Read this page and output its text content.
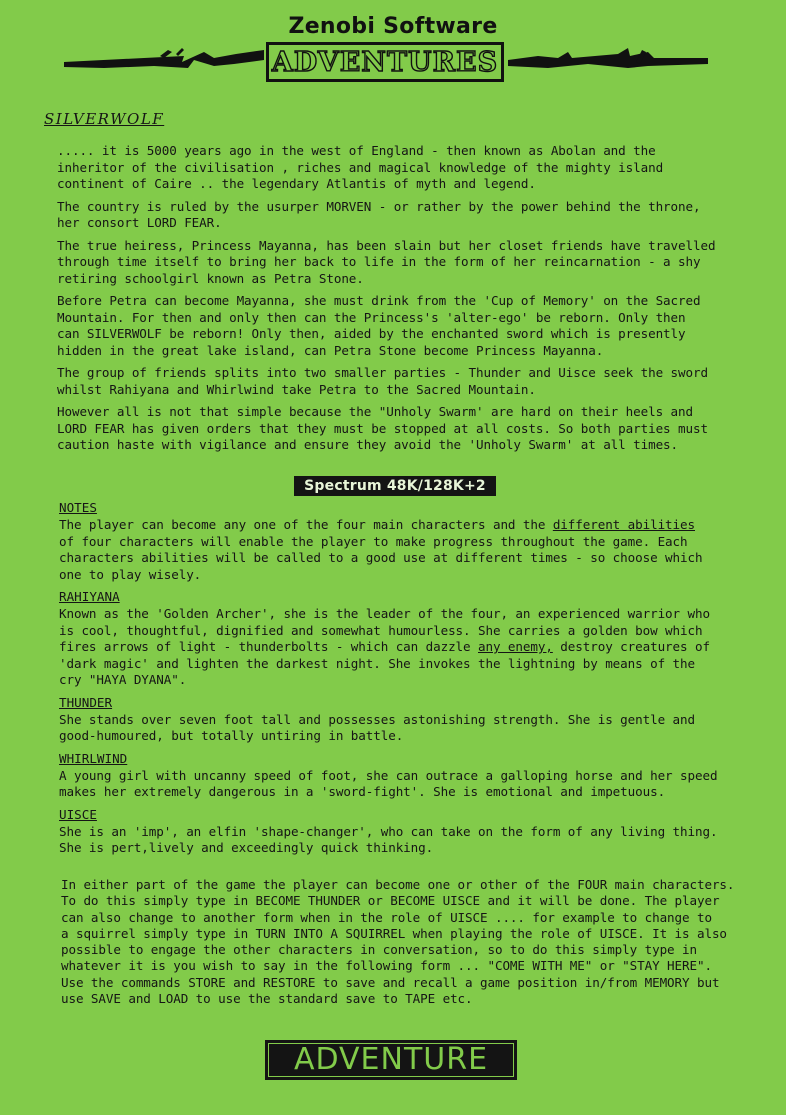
Zenobi Software
ADVENTURES
SILVERWOLF

..... it is 5000 years ago in the west of England - then known as Abolan and the
inheritor of the civilisation , riches and magical knowledge of the mighty island
continent of Caire .. the legendary Atlantis of myth and legend.

The country is ruled by the usurper MORVEN - or rather by the power behind the throne,
her consort LORD FEAR.

The true heiress, Princess Mayanna, has been slain but her closet friends have travelled
through time itself to bring her back to life in the form of her reincarnation - a shy
retiring schoolgirl known as Petra Stone.

Before Petra can become Mayanna, she must drink from the 'Cup of Memory' on the Sacred
Mountain. For then and only then can the Princess's 'alter-ego' be reborn. Only then
can SILVERWOLF be reborn! Only then, aided by the enchanted sword which is presently
hidden in the great lake island, can Petra Stone become Princess Mayanna.

The group of friends splits into two smaller parties - Thunder and Uisce seek the sword
whilst Rahiyana and Whirlwind take Petra to the Sacred Mountain.

However all is not that simple because the "Unholy Swarm' are hard on their heels and
LORD FEAR has given orders that they must be stopped at all costs. So both parties must
caution haste with vigilance and ensure they avoid the 'Unholy Swarm' at all times.

Spectrum 48K/128K+2
NOTES

The player can become any one of the four main characters and the different abilities
of four characters will enable the player to make progress throughout the game. Each
characters abilities will be called to a good use at different times - so choose which
one to play wisely.

RAHIYANA

Known as the 'Golden Archer', she is the leader of the four, an experienced warrior who
is cool, thoughtful, dignified and somewhat humourless. She carries a golden bow which
fires arrows of light - thunderbolts - which can dazzle any enemy, destroy creatures of
'dark magic' and lighten the darkest night. She invokes the lightning by means of the
cry "HAYA DYANA".

THUNDER

She stands over seven foot tall and possesses astonishing strength. She is gentle and
good-humoured, but totally untiring in battle.

WHIRLWIND

A young girl with uncanny speed of foot, she can outrace a galloping horse and her speed
makes her extremely dangerous in a 'sword-fight'. She is emotional and impetuous.

UISCE

She is an 'imp', an elfin 'shape-changer', who can take on the form of any living thing.
She is pert,lively and exceedingly quick thinking.

In either part of the game the player can become one or other of the FOUR main characters.
To do this simply type in BECOME THUNDER or BECOME UISCE and it will be done. The player
can also change to another form when in the role of UISCE .... for example to change to
a squirrel simply type in TURN INTO A SQUIRREL when playing the role of UISCE. It is also
possible to engage the other characters in conversation, so to do this simply type in
whatever it is you wish to say in the following form ... "COME WITH ME" or "STAY HERE".
Use the commands STORE and RESTORE to save and recall a game position in/from MEMORY but
use SAVE and LOAD to use the standard save to TAPE etc.

ADVENTURE
